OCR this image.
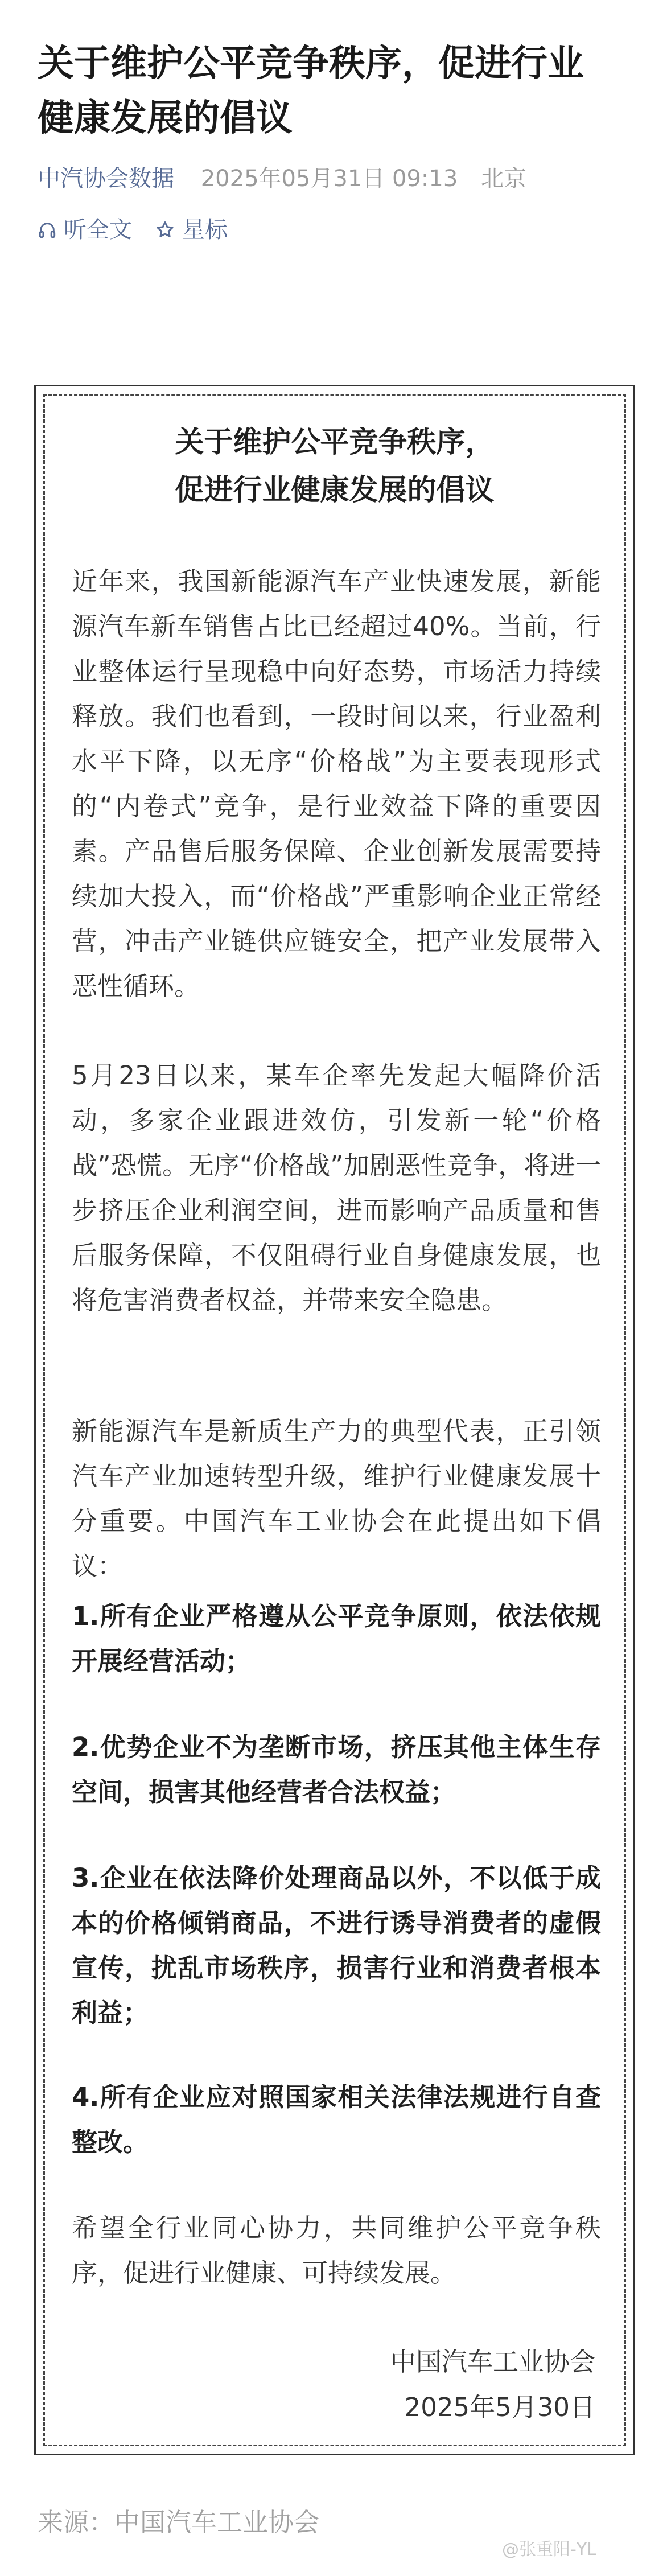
关于维护公平竞争秩序，促进行业
健康发展的倡议
中汽协会数据 2025年05月31日 09:13 北京
听全文 星标
关于维护公平竞争秩序，
促进行业健康发展的倡议
近年来，我国新能源汽车产业快速发展，新能源汽车新车销售占比已经超过40%。当前，行业整体运行呈现稳中向好态势，市场活力持续释放。我们也看到，一段时间以来，行业盈利水平下降，以无序“价格战”为主要表现形式的“内卷式”竞争，是行业效益下降的重要因素。产品售后服务保障、企业创新发展需要持续加大投入，而“价格战”严重影响企业正常经营，冲击产业链供应链安全，把产业发展带入恶性循环。
5月23日以来，某车企率先发起大幅降价活动，多家企业跟进效仿，引发新一轮“价格战”恐慌。无序“价格战”加剧恶性竞争，将进一步挤压企业利润空间，进而影响产品质量和售后服务保障，不仅阻碍行业自身健康发展，也将危害消费者权益，并带来安全隐患。
新能源汽车是新质生产力的典型代表，正引领汽车产业加速转型升级，维护行业健康发展十分重要。中国汽车工业协会在此提出如下倡议：
1.所有企业严格遵从公平竞争原则，依法依规开展经营活动；
2.优势企业不为垄断市场，挤压其他主体生存空间，损害其他经营者合法权益；
3.企业在依法降价处理商品以外，不以低于成本的价格倾销商品，不进行诱导消费者的虚假宣传，扰乱市场秩序，损害行业和消费者根本利益；
4.所有企业应对照国家相关法律法规进行自查整改。
希望全行业同心协力，共同维护公平竞争秩序，促进行业健康、可持续发展。
中国汽车工业协会
2025年5月30日
来源：中国汽车工业协会
@张重阳-YL
